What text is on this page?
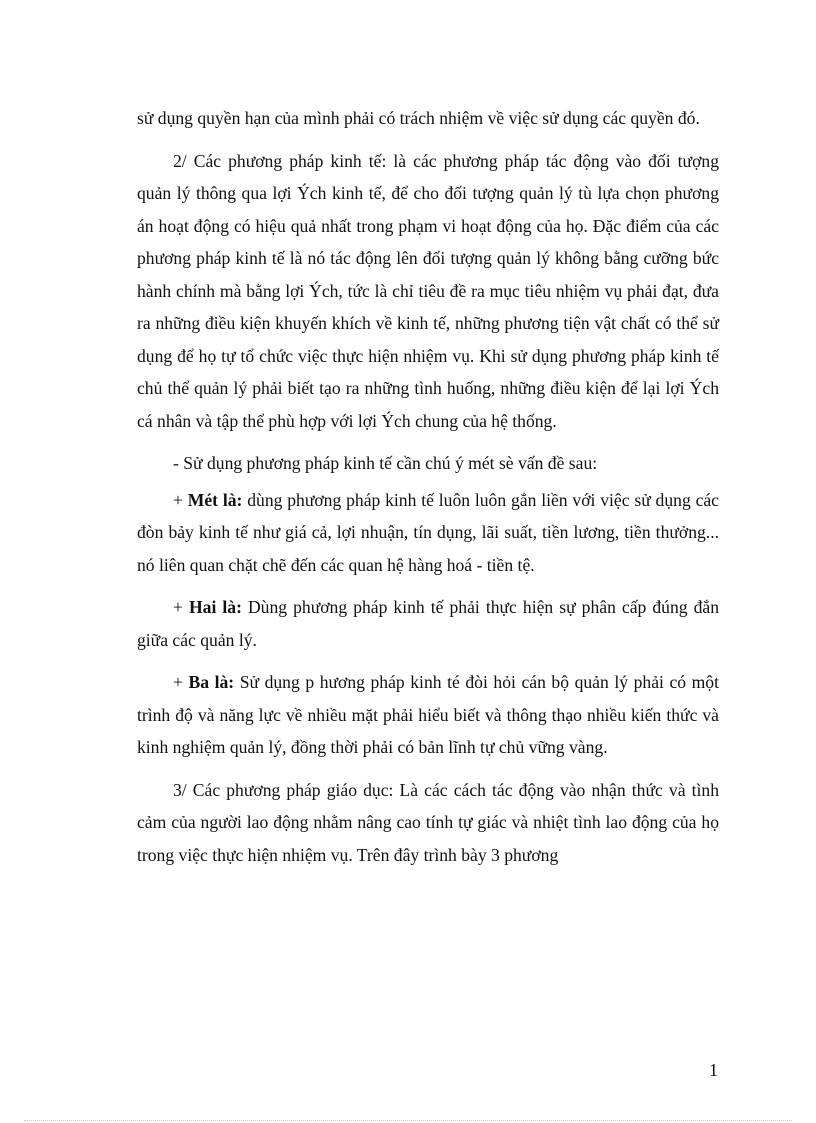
sử dụng quyền hạn của mình phải có trách nhiệm về việc sử dụng các quyền đó.

2/ Các phương pháp kinh tế: là các phương pháp tác động vào đối tượng quản lý thông qua lợi Ých kinh tế, để cho đối tượng quản lý tù lựa chọn phương án hoạt động có hiệu quả nhất trong phạm vi hoạt động của họ. Đặc điểm của các phương pháp kinh tế là nó tác động lên đối tượng quản lý không bằng cưỡng bức hành chính mà bằng lợi Ých, tức là chỉ tiêu đề ra mục tiêu nhiệm vụ phải đạt, đưa ra những điều kiện khuyến khích về kinh tế, những phương tiện vật chất có thể sử dụng để họ tự tổ chức việc thực hiện nhiệm vụ. Khi sử dụng phương pháp kinh tế chủ thể quản lý phải biết tạo ra những tình huống, những điều kiện để lại lợi Ých cá nhân và tập thể phù hợp với lợi Ých chung của hệ thống.

- Sử dụng phương pháp kinh tế cần chú ý mét sè vấn đề sau:

+ Mét là: dùng phương pháp kinh tế luôn luôn gắn liền với việc sử dụng các đòn bảy kinh tế như giá cả, lợi nhuận, tín dụng, lãi suất, tiền lương, tiền thưởng... nó liên quan chặt chẽ đến các quan hệ hàng hoá - tiền tệ.

+ Hai là: Dùng phương pháp kinh tế phải thực hiện sự phân cấp đúng đắn giữa các quản lý.

+ Ba là: Sử dụng p hương pháp kinh té đòi hỏi cán bộ quản lý phải có một trình độ và năng lực về nhiều mặt phải hiểu biết và thông thạo nhiều kiến thức và kinh nghiệm quản lý, đồng thời phải có bản lĩnh tự chủ vững vàng.

3/ Các phương pháp giáo dục: Là các cách tác động vào nhận thức và tình cảm của người lao động nhằm nâng cao tính tự giác và nhiệt tình lao động của họ trong việc thực hiện nhiệm vụ. Trên đây trình bày 3 phương

1
